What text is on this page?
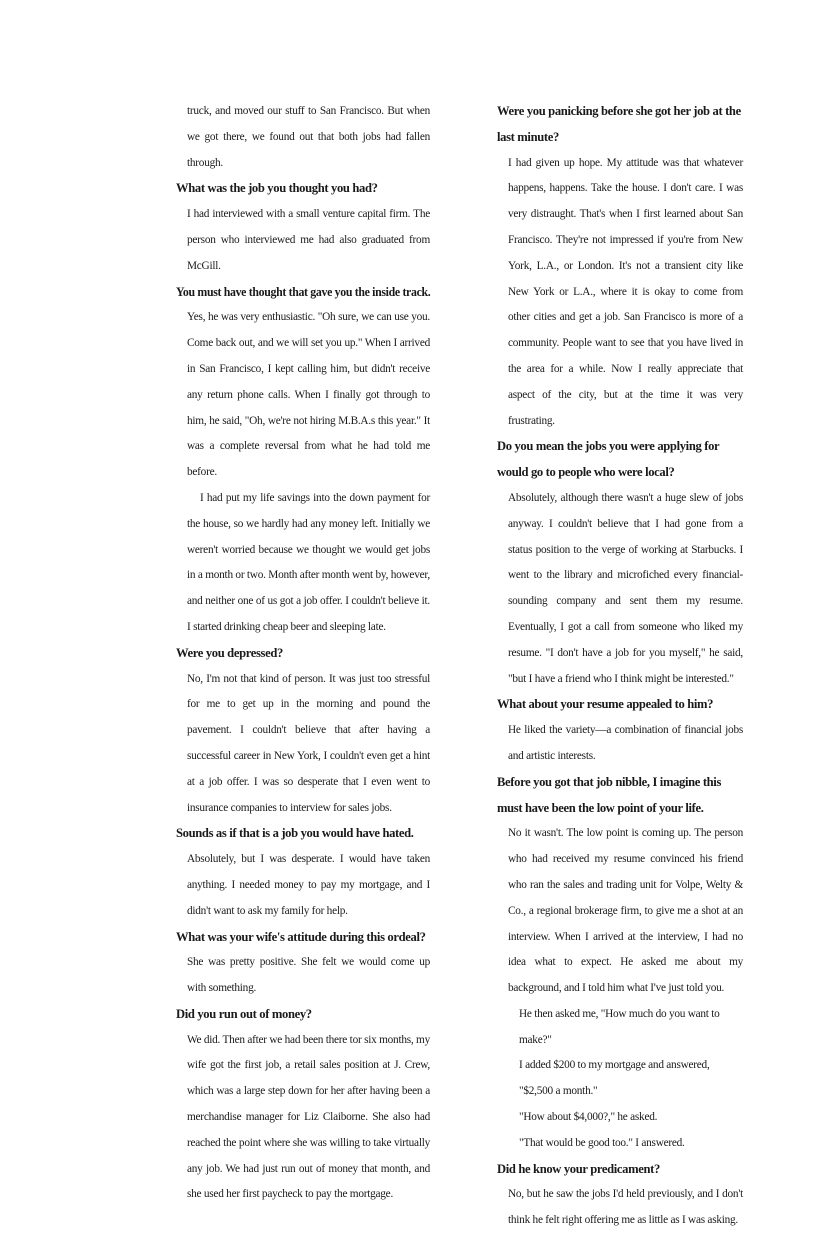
truck, and moved our stuff to San Francisco. But when we got there, we found out that both jobs had fallen through.

What was the job you thought you had?

I had interviewed with a small venture capital firm. The person who interviewed me had also graduated from McGill.

You must have thought that gave you the inside track.

Yes, he was very enthusiastic. "Oh sure, we can use you. Come back out, and we will set you up." When I arrived in San Francisco, I kept calling him, but didn't receive any return phone calls. When I finally got through to him, he said, "Oh, we're not hiring M.B.A.s this year." It was a complete reversal from what he had told me before.

I had put my life savings into the down payment for the house, so we hardly had any money left. Initially we weren't worried because we thought we would get jobs in a month or two. Month after month went by, however, and neither one of us got a job offer. I couldn't believe it. I started drinking cheap beer and sleeping late.

Were you depressed?

No, I'm not that kind of person. It was just too stressful for me to get up in the morning and pound the pavement. I couldn't believe that after having a successful career in New York, I couldn't even get a hint at a job offer. I was so desperate that I even went to insurance companies to interview for sales jobs.

Sounds as if that is a job you would have hated.

Absolutely, but I was desperate. I would have taken anything. I needed money to pay my mortgage, and I didn't want to ask my family for help.

What was your wife's attitude during this ordeal?

She was pretty positive. She felt we would come up with something.

Did you run out of money?

We did. Then after we had been there tor six months, my wife got the first job, a retail sales position at J. Crew, which was a large step down for her after having been a merchandise manager for Liz Claiborne. She also had reached the point where she was willing to take virtually any job. We had just run out of money that month, and she used her first paycheck to pay the mortgage.

Were you panicking before she got her job at the last minute?

I had given up hope. My attitude was that whatever happens, happens. Take the house. I don't care. I was very distraught. That's when I first learned about San Francisco. They're not impressed if you're from New York, L.A., or London. It's not a transient city like New York or L.A., where it is okay to come from other cities and get a job. San Francisco is more of a community. People want to see that you have lived in the area for a while. Now I really appreciate that aspect of the city, but at the time it was very frustrating.

Do you mean the jobs you were applying for would go to people who were local?

Absolutely, although there wasn't a huge slew of jobs anyway. I couldn't believe that I had gone from a status position to the verge of working at Starbucks. I went to the library and microfiched every financial-sounding company and sent them my resume. Eventually, I got a call from someone who liked my resume. "I don't have a job for you myself," he said, "but I have a friend who I think might be interested."

What about your resume appealed to him?

He liked the variety—a combination of financial jobs and artistic interests.

Before you got that job nibble, I imagine this must have been the low point of your life.

No it wasn't. The low point is coming up. The person who had received my resume convinced his friend who ran the sales and trading unit for Volpe, Welty & Co., a regional brokerage firm, to give me a shot at an interview. When I arrived at the interview, I had no idea what to expect. He asked me about my background, and I told him what I've just told you.

He then asked me, "How much do you want to make?"

I added $200 to my mortgage and answered, "$2,500 a month."

"How about $4,000?," he asked.

"That would be good too." I answered.

Did he know your predicament?

No, but he saw the jobs I'd held previously, and I don't think he felt right offering me as little as I was asking.
